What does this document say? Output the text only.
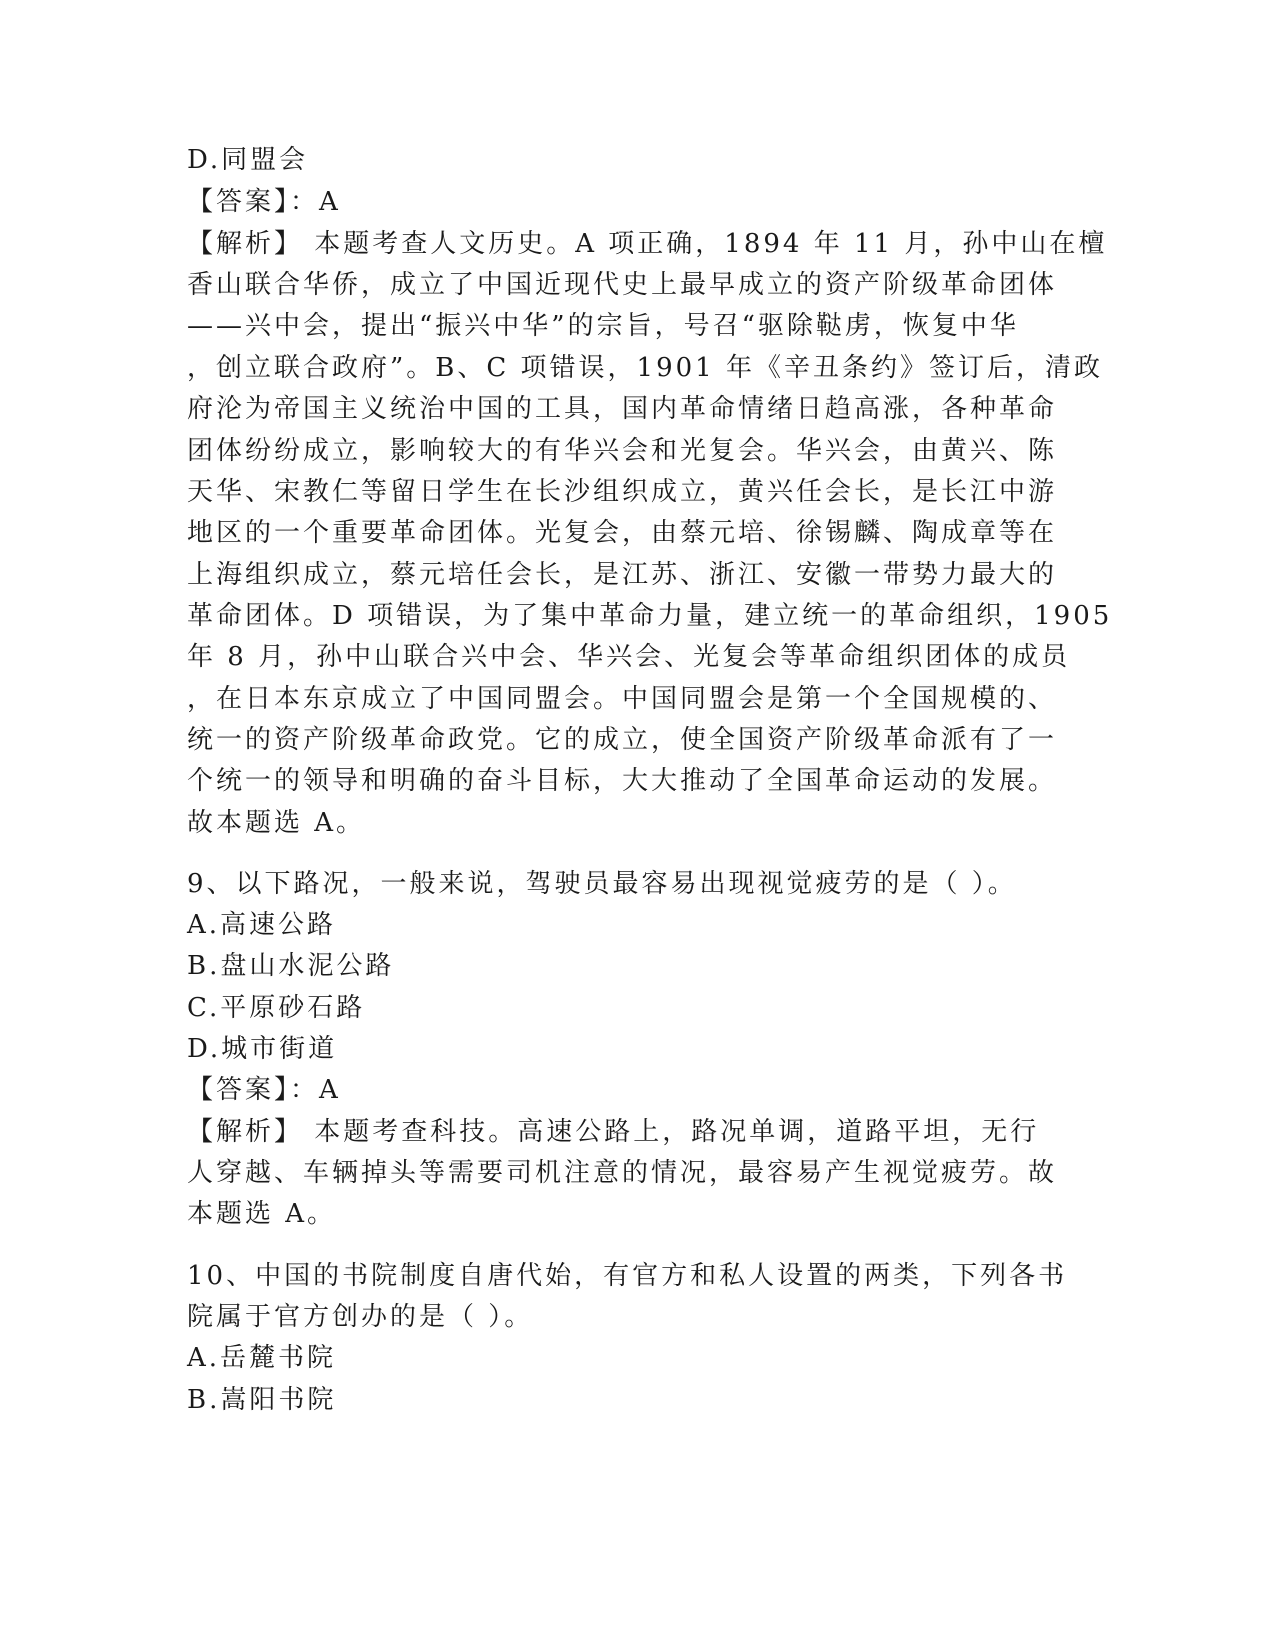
D.同盟会
【答案】：A
【解析】 本题考查人文历史。A 项正确，1894 年 11 月，孙中山在檀
香山联合华侨，成立了中国近现代史上最早成立的资产阶级革命团体
——兴中会，提出“振兴中华”的宗旨，号召“驱除鞑虏，恢复中华
，创立联合政府”。B、C 项错误，1901 年《辛丑条约》签订后，清政
府沦为帝国主义统治中国的工具，国内革命情绪日趋高涨，各种革命
团体纷纷成立，影响较大的有华兴会和光复会。华兴会，由黄兴、陈
天华、宋教仁等留日学生在长沙组织成立，黄兴任会长，是长江中游
地区的一个重要革命团体。光复会，由蔡元培、徐锡麟、陶成章等在
上海组织成立，蔡元培任会长，是江苏、浙江、安徽一带势力最大的
革命团体。D 项错误，为了集中革命力量，建立统一的革命组织，1905
年 8 月，孙中山联合兴中会、华兴会、光复会等革命组织团体的成员
，在日本东京成立了中国同盟会。中国同盟会是第一个全国规模的、
统一的资产阶级革命政党。它的成立，使全国资产阶级革命派有了一
个统一的领导和明确的奋斗目标，大大推动了全国革命运动的发展。
故本题选 A。
9、以下路况，一般来说，驾驶员最容易出现视觉疲劳的是（ ）。
A.高速公路
B.盘山水泥公路
C.平原砂石路
D.城市街道
【答案】：A
【解析】 本题考查科技。高速公路上，路况单调，道路平坦，无行
人穿越、车辆掉头等需要司机注意的情况，最容易产生视觉疲劳。故
本题选 A。
10、中国的书院制度自唐代始，有官方和私人设置的两类，下列各书
院属于官方创办的是（ ）。
A.岳麓书院
B.嵩阳书院
